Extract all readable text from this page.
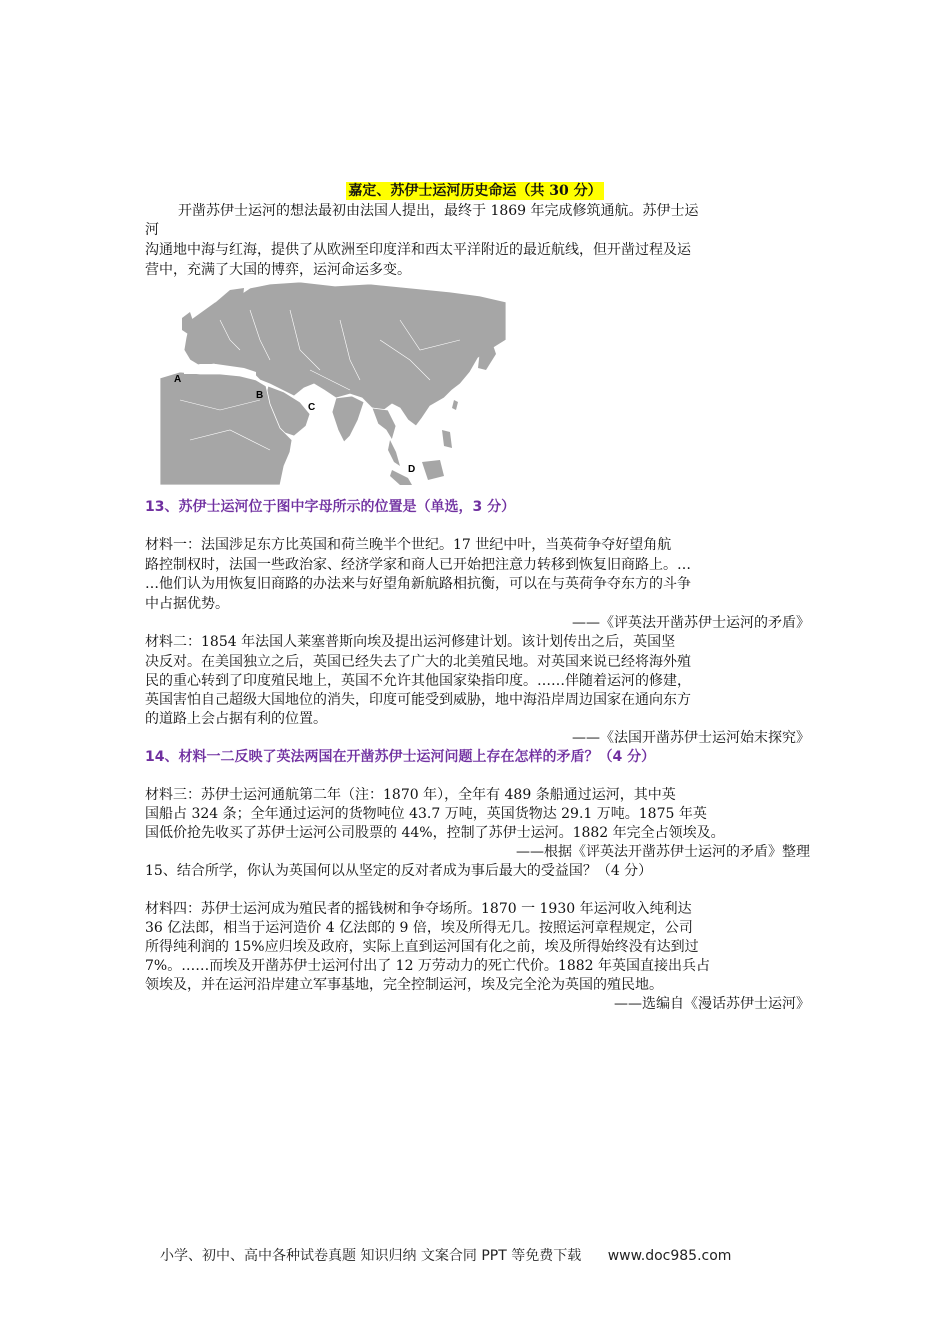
嘉定、苏伊士运河历史命运（共 30 分）
开凿苏伊士运河的想法最初由法国人提出，最终于 1869 年完成修筑通航。苏伊士运
河
沟通地中海与红海，提供了从欧洲至印度洋和西太平洋附近的最近航线，但开凿过程及运
营中，充满了大国的博弈，运河命运多变。
A
B
C
D
13、苏伊士运河位于图中字母所示的位置是（单选，3 分）
材料一：法国涉足东方比英国和荷兰晚半个世纪。17 世纪中叶，当英荷争夺好望角航
路控制权时，法国一些政治家、经济学家和商人已开始把注意力转移到恢复旧商路上。…
…他们认为用恢复旧商路的办法来与好望角新航路相抗衡，可以在与英荷争夺东方的斗争
中占据优势。
——《评英法开凿苏伊士运河的矛盾》
材料二：1854 年法国人莱塞普斯向埃及提出运河修建计划。该计划传出之后，英国坚
决反对。在美国独立之后，英国已经失去了广大的北美殖民地。对英国来说已经将海外殖
民的重心转到了印度殖民地上，英国不允许其他国家染指印度。……伴随着运河的修建，
英国害怕自己超级大国地位的消失，印度可能受到威胁，地中海沿岸周边国家在通向东方
的道路上会占据有利的位置。
——《法国开凿苏伊士运河始末探究》
14、材料一二反映了英法两国在开凿苏伊士运河问题上存在怎样的矛盾？（4 分）
材料三：苏伊士运河通航第二年（注：1870 年），全年有 489 条船通过运河，其中英
国船占 324 条；全年通过运河的货物吨位 43.7 万吨，英国货物达 29.1 万吨。1875 年英
国低价抢先收买了苏伊士运河公司股票的 44%，控制了苏伊士运河。1882 年完全占领埃及。
——根据《评英法开凿苏伊士运河的矛盾》整理
15、结合所学，你认为英国何以从坚定的反对者成为事后最大的受益国？（4 分）
材料四：苏伊士运河成为殖民者的摇钱树和争夺场所。1870 一 1930 年运河收入纯利达
36 亿法郎，相当于运河造价 4 亿法郎的 9 倍，埃及所得无几。按照运河章程规定，公司
所得纯利润的 15%应归埃及政府，实际上直到运河国有化之前，埃及所得始终没有达到过
7%。……而埃及开凿苏伊士运河付出了 12 万劳动力的死亡代价。1882 年英国直接出兵占
领埃及，并在运河沿岸建立军事基地，完全控制运河，埃及完全沦为英国的殖民地。
——选编自《漫话苏伊士运河》
小学、初中、高中各种试卷真题 知识归纳 文案合同 PPT 等免费下载 www.doc985.com
